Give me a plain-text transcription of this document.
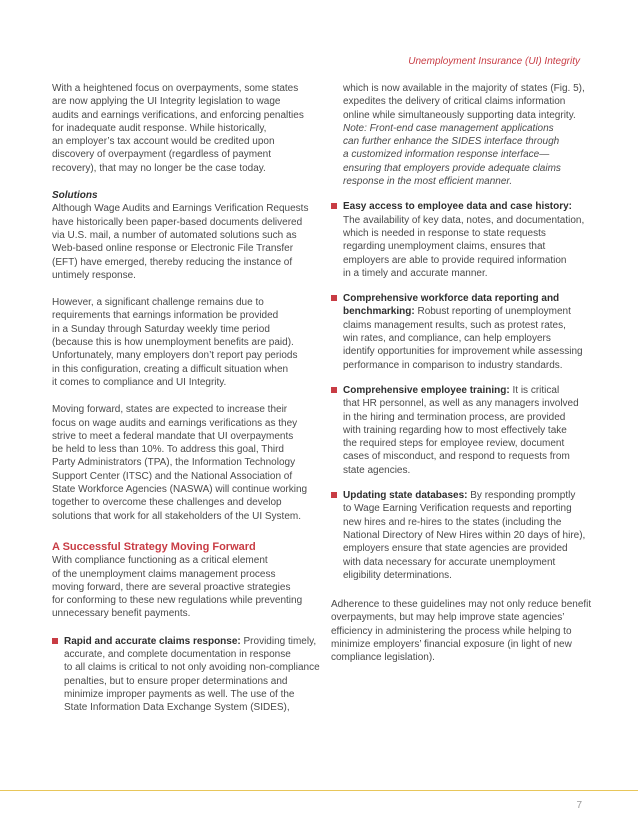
Unemployment Insurance (UI) Integrity

With a heightened focus on overpayments, some states
are now applying the UI Integrity legislation to wage
audits and earnings verifications, and enforcing penalties
for inadequate audit response. While historically,
an employer’s tax account would be credited upon
discovery of overpayment (regardless of payment
recovery), that may no longer be the case today.

Solutions
Although Wage Audits and Earnings Verification Requests
have historically been paper-based documents delivered
via U.S. mail, a number of automated solutions such as
Web-based online response or Electronic File Transfer
(EFT) have emerged, thereby reducing the instance of
untimely response.

However, a significant challenge remains due to
requirements that earnings information be provided
in a Sunday through Saturday weekly time period
(because this is how unemployment benefits are paid).
Unfortunately, many employers don’t report pay periods
in this configuration, creating a difficult situation when
it comes to compliance and UI Integrity.

Moving forward, states are expected to increase their
focus on wage audits and earnings verifications as they
strive to meet a federal mandate that UI overpayments
be held to less than 10%. To address this goal, Third
Party Administrators (TPA), the Information Technology
Support Center (ITSC) and the National Association of
State Workforce Agencies (NASWA) will continue working
together to overcome these challenges and develop
solutions that work for all stakeholders of the UI System.

A Successful Strategy Moving Forward
With compliance functioning as a critical element
of the unemployment claims management process
moving forward, there are several proactive strategies
for conforming to these new regulations while preventing
unnecessary benefit payments.

Rapid and accurate claims response: Providing timely,
accurate, and complete documentation in response
to all claims is critical to not only avoiding non-compliance
penalties, but to ensure proper determinations and
minimize improper payments as well. The use of the
State Information Data Exchange System (SIDES),
which is now available in the majority of states (Fig. 5),
expedites the delivery of critical claims information
online while simultaneously supporting data integrity.
Note: Front-end case management applications
can further enhance the SIDES interface through
a customized information response interface—
ensuring that employers provide adequate claims
response in the most efficient manner.
Easy access to employee data and case history:
The availability of key data, notes, and documentation,
which is needed in response to state requests
regarding unemployment claims, ensures that
employers are able to provide required information
in a timely and accurate manner.
Comprehensive workforce data reporting and
benchmarking: Robust reporting of unemployment
claims management results, such as protest rates,
win rates, and compliance, can help employers
identify opportunities for improvement while assessing
performance in comparison to industry standards.
Comprehensive employee training: It is critical
that HR personnel, as well as any managers involved
in the hiring and termination process, are provided
with training regarding how to most effectively take
the required steps for employee review, document
cases of misconduct, and respond to requests from
state agencies.
Updating state databases: By responding promptly
to Wage Earning Verification requests and reporting
new hires and re-hires to the states (including the
National Directory of New Hires within 20 days of hire),
employers ensure that state agencies are provided
with data necessary for accurate unemployment
eligibility determinations.

Adherence to these guidelines may not only reduce benefit
overpayments, but may help improve state agencies’
efficiency in administering the process while helping to
minimize employers’ financial exposure (in light of new
compliance legislation).

7
